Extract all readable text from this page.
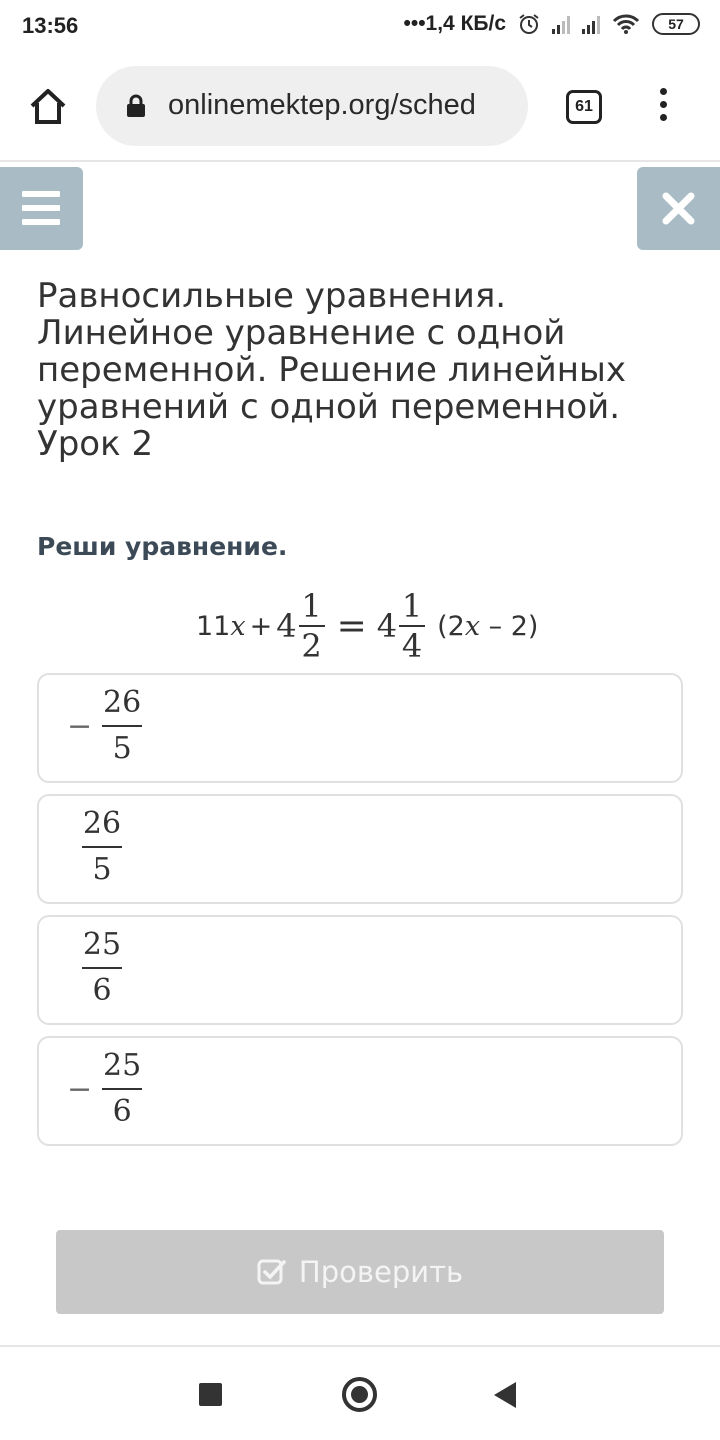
13:56	•••1,4 КБ/с	57
onlinemektep.org/sched	61
Равносильные уравнения. Линейное уравнение с одной переменной. Решение линейных уравнений с одной переменной. Урок 2
Реши уравнение.
11 $x + 4 \frac{1}{2} = 4 \frac{1}{4} (2$ x – 2)
−
26
5
26
5
25
6
−
25
6
Проверить
